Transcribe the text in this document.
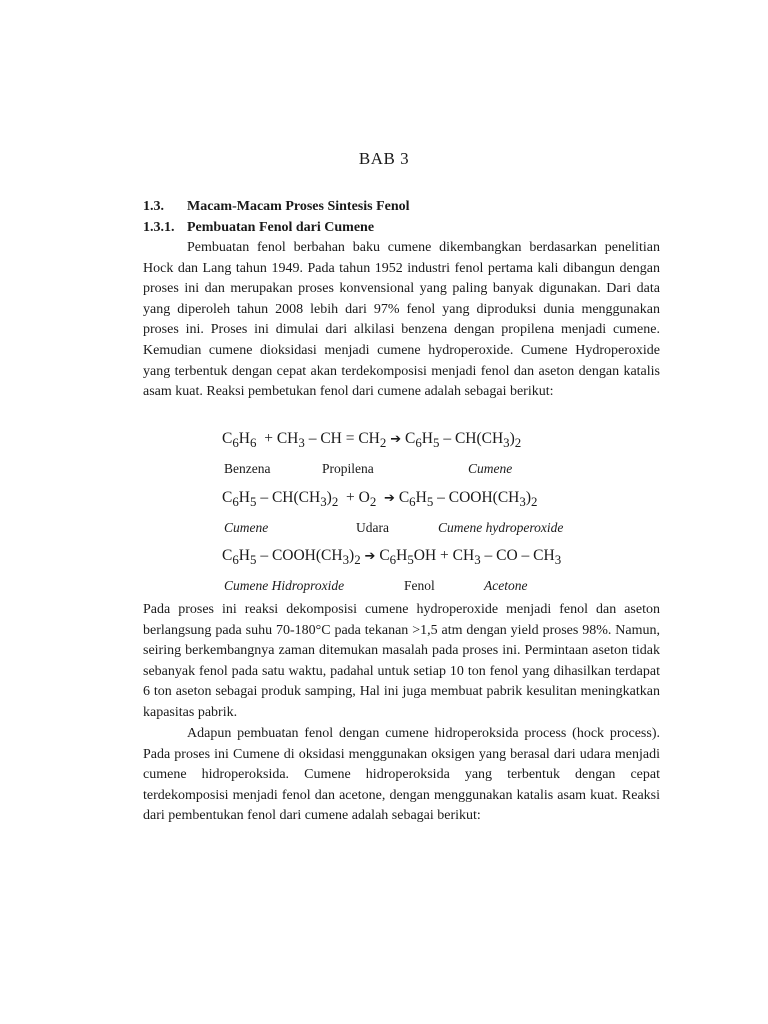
BAB 3
1.3. Macam-Macam Proses Sintesis Fenol
1.3.1. Pembuatan Fenol dari Cumene

Pembuatan fenol berbahan baku cumene dikembangkan berdasarkan penelitian Hock dan Lang tahun 1949. Pada tahun 1952 industri fenol pertama kali dibangun dengan proses ini dan merupakan proses konvensional yang paling banyak digunakan. Dari data yang diperoleh tahun 2008 lebih dari 97% fenol yang diproduksi dunia menggunakan proses ini. Proses ini dimulai dari alkilasi benzena dengan propilena menjadi cumene. Kemudian cumene dioksidasi menjadi cumene hydroperoxide. Cumene Hydroperoxide yang terbentuk dengan cepat akan terdekomposisi menjadi fenol dan aseton dengan katalis asam kuat. Reaksi pembetukan fenol dari cumene adalah sebagai berikut:

$C_6H_6 + CH_3$ – CH = $CH_2$ ➔ $C_6H_5 - CH(CH_3)_2$
Benzena	Propilena	Cumene
$C_6H_5 - CH(CH_3)_2 + O_2$ ➔ $C_6H_5$ – $COOH(CH_3)_2$
Cumene	Udara	Cumene hydroperoxide
$C_6H_5$ – $COOH(CH_3)_2$ ➔ $C_6H_5OH + CH_3$ – CO – $CH_3$
Cumene Hidroproxide	Fenol	Acetone

Pada proses ini reaksi dekomposisi cumene hydroperoxide menjadi fenol dan aseton berlangsung pada suhu 70-180°C pada tekanan >1,5 atm dengan yield proses 98%. Namun, seiring berkembangnya zaman ditemukan masalah pada proses ini. Permintaan aseton tidak sebanyak fenol pada satu waktu, padahal untuk setiap 10 ton fenol yang dihasilkan terdapat 6 ton aseton sebagai produk samping, Hal ini juga membuat pabrik kesulitan meningkatkan kapasitas pabrik.

Adapun pembuatan fenol dengan cumene hidroperoksida process (hock process). Pada proses ini Cumene di oksidasi menggunakan oksigen yang berasal dari udara menjadi cumene hidroperoksida. Cumene hidroperoksida yang terbentuk dengan cepat terdekomposisi menjadi fenol dan acetone, dengan menggunakan katalis asam kuat. Reaksi dari pembentukan fenol dari cumene adalah sebagai berikut:
